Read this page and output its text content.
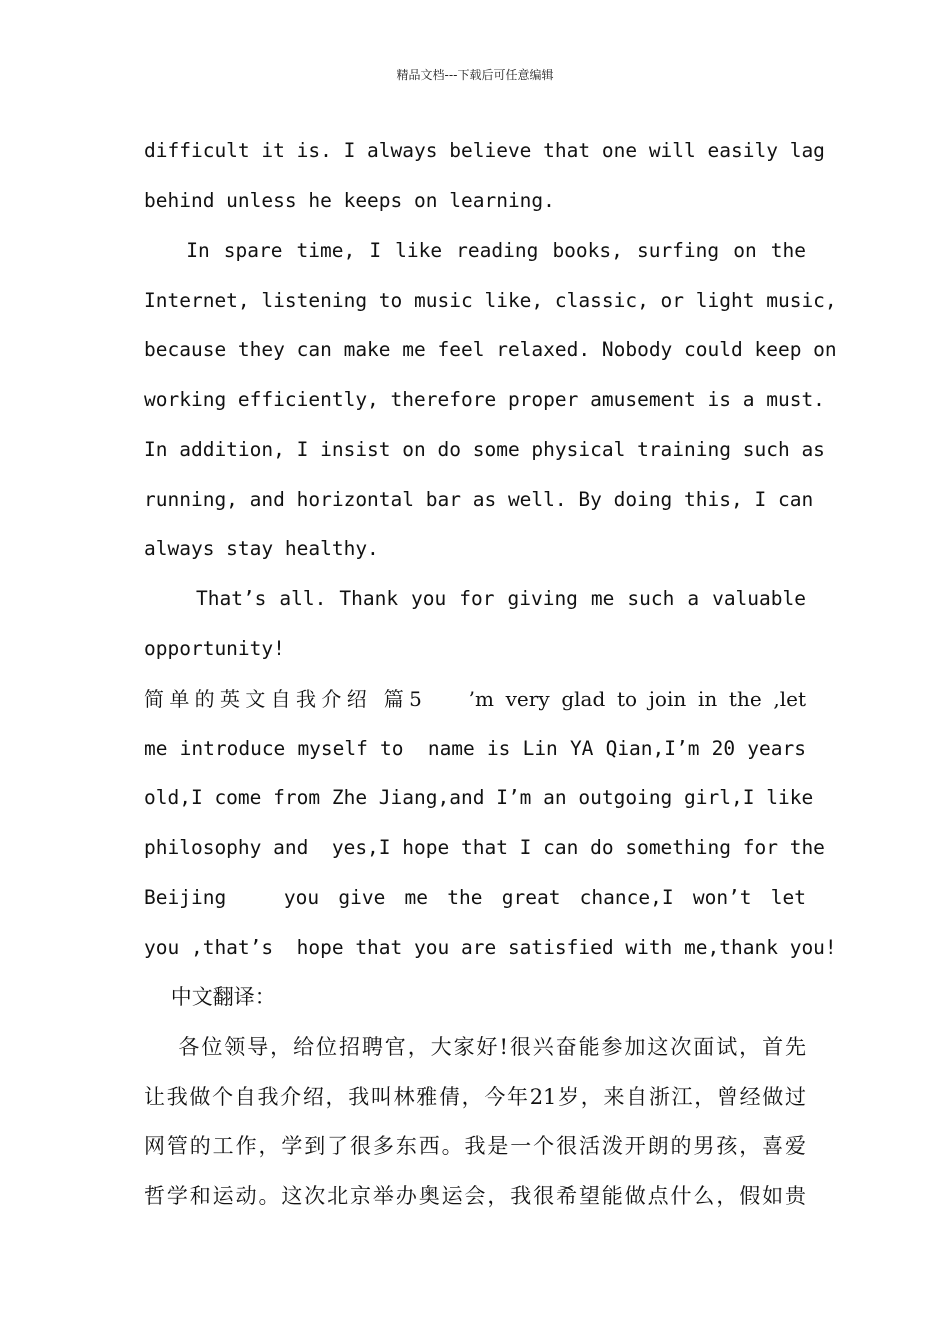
精品文档---下载后可任意编辑
difficult it is. I always believe that one will easily lag
behind unless he keeps on learning.
In spare time, I like reading books, surfing on the
Internet, listening to music like, classic, or light music,
because they can make me feel relaxed. Nobody could keep on
working efficiently, therefore proper amusement is a must.
In addition, I insist on do some physical training such as
running, and horizontal bar as well. By doing this, I can
always stay healthy.
That’s all. Thank you for giving me such a valuable
opportunity!
简单的英文自我介绍 篇5    ’m very glad to join in the ,let
me introduce myself to  name is Lin YA Qian,I’m 20 years
old,I come from Zhe Jiang,and I’m an outgoing girl,I like
philosophy and  yes,I hope that I can do something for the
Beijing   you give me the great chance,I won’t let
you ,that’s  hope that you are satisfied with me,thank you!
中文翻译：
各位领导，给位招聘官，大家好!很兴奋能参加这次面试，首先
让我做个自我介绍，我叫林雅倩，今年21岁，来自浙江，曾经做过
网管的工作，学到了很多东西。我是一个很活泼开朗的男孩，喜爱
哲学和运动。这次北京举办奥运会，我很希望能做点什么，假如贵
